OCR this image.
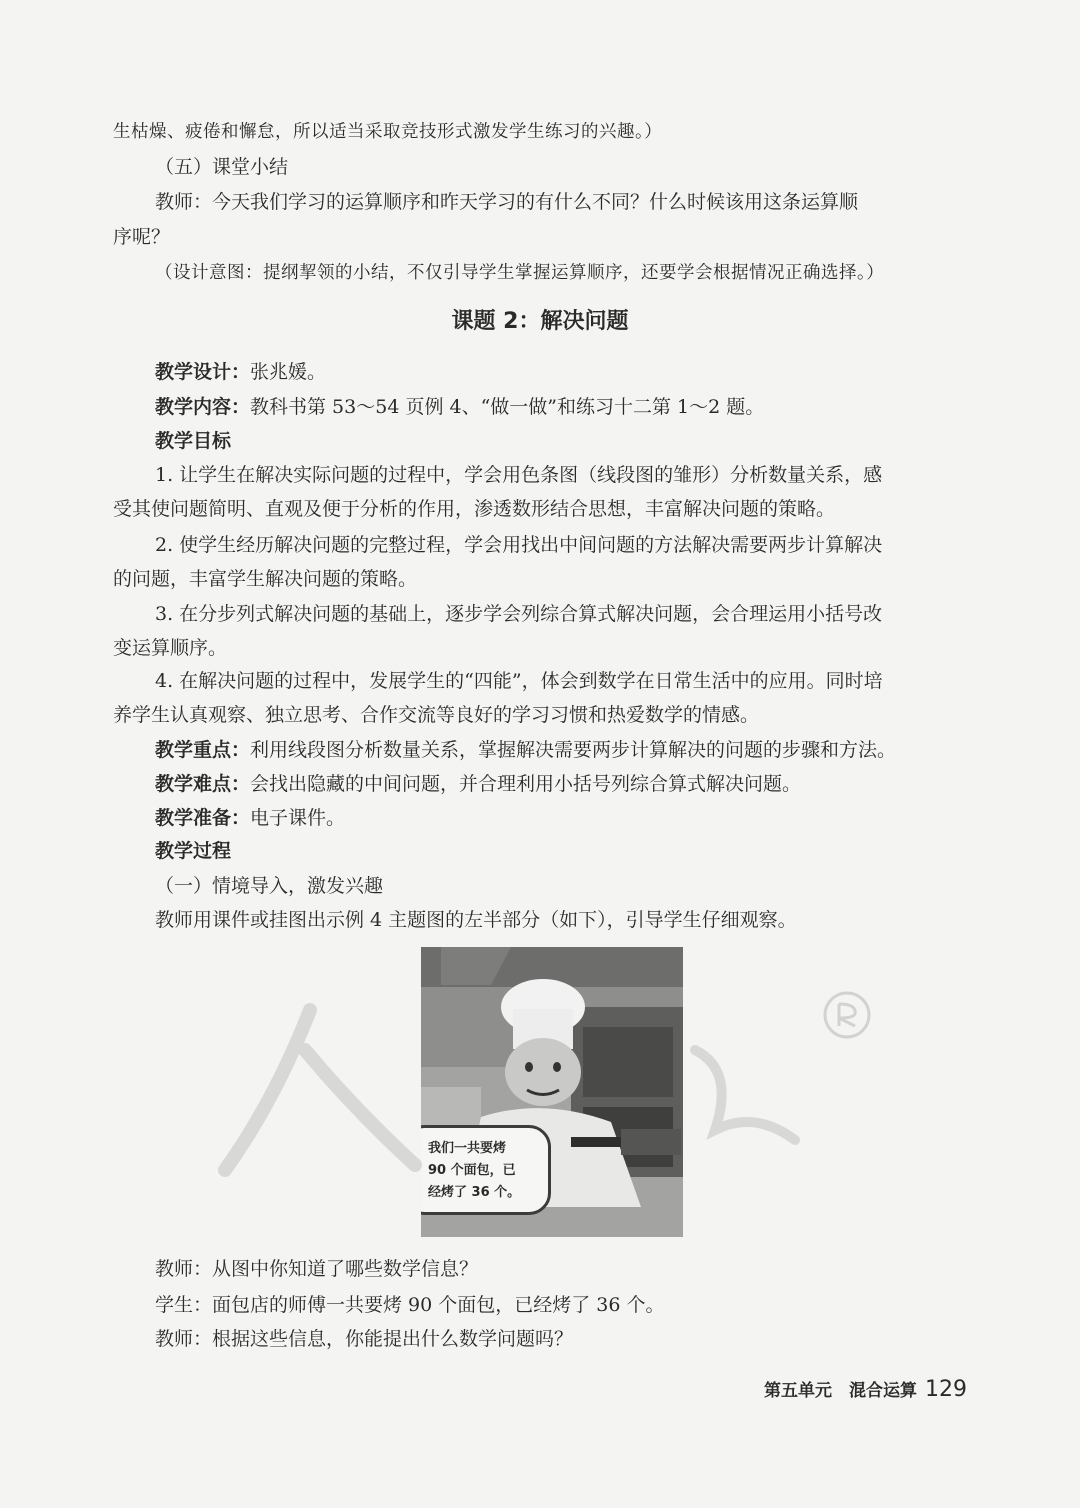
生枯燥、疲倦和懈怠，所以适当采取竞技形式激发学生练习的兴趣。）

（五）课堂小结

教师：今天我们学习的运算顺序和昨天学习的有什么不同？什么时候该用这条运算顺

序呢？

（设计意图：提纲挈领的小结，不仅引导学生掌握运算顺序，还要学会根据情况正确选择。）

课题 2：解决问题

教学设计：张兆媛。

教学内容：教科书第 53～54 页例 4、“做一做”和练习十二第 1～2 题。

教学目标

1. 让学生在解决实际问题的过程中，学会用色条图（线段图的雏形）分析数量关系，感

受其使问题简明、直观及便于分析的作用，渗透数形结合思想，丰富解决问题的策略。

2. 使学生经历解决问题的完整过程，学会用找出中间问题的方法解决需要两步计算解决

的问题，丰富学生解决问题的策略。

3. 在分步列式解决问题的基础上，逐步学会列综合算式解决问题，会合理运用小括号改

变运算顺序。

4. 在解决问题的过程中，发展学生的“四能”，体会到数学在日常生活中的应用。同时培

养学生认真观察、独立思考、合作交流等良好的学习习惯和热爱数学的情感。

教学重点：利用线段图分析数量关系，掌握解决需要两步计算解决的问题的步骤和方法。

教学难点：会找出隐藏的中间问题，并合理利用小括号列综合算式解决问题。

教学准备：电子课件。

教学过程

（一）情境导入，激发兴趣

教师用课件或挂图出示例 4 主题图的左半部分（如下），引导学生仔细观察。

我们一共要烤
90 个面包，已
经烤了 36 个。

教师：从图中你知道了哪些数学信息？

学生：面包店的师傅一共要烤 90 个面包，已经烤了 36 个。

教师：根据这些信息，你能提出什么数学问题吗？

第五单元　混合运算 129
